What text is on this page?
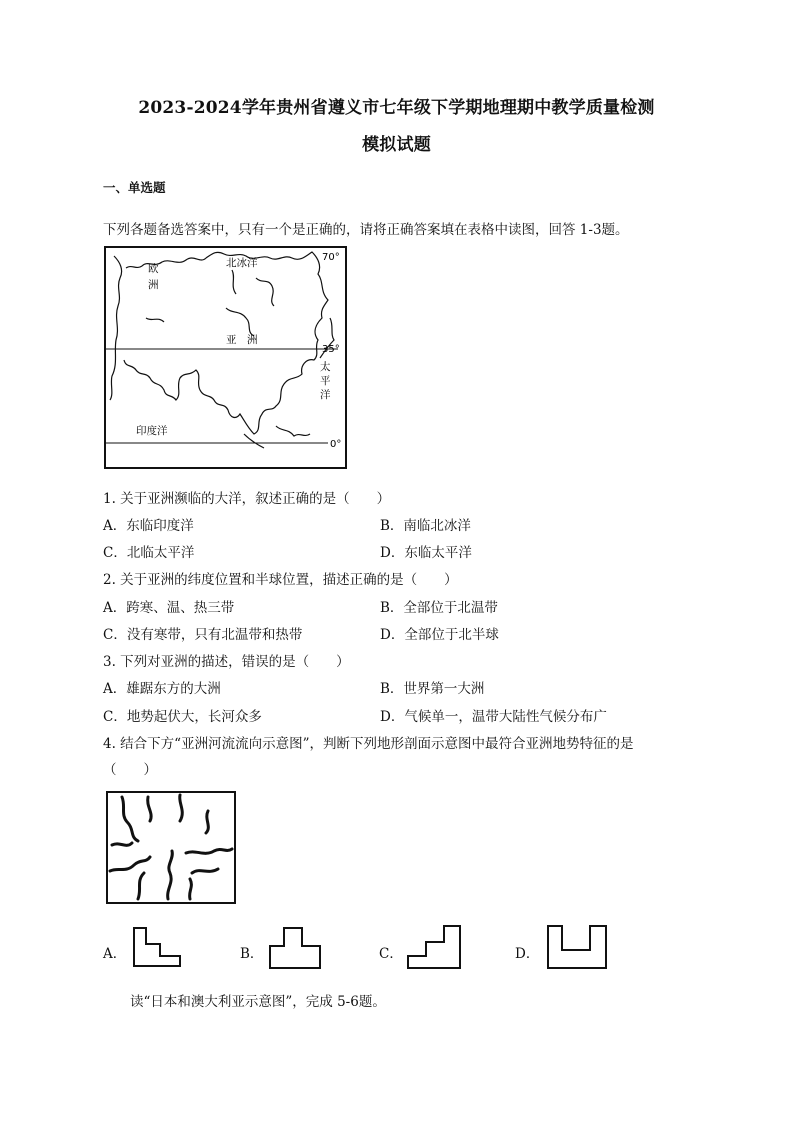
2023-2024学年贵州省遵义市七年级下学期地理期中教学质量检测
模拟试题
一、单选题
下列各题备选答案中，只有一个是正确的，请将正确答案填在表格中读图，回答 1-3题。
欧
洲
北冰洋
亚　洲
太
平
洋
印度洋
70°
35°
0°
1. 关于亚洲濒临的大洋，叙述正确的是（　　）
A．东临印度洋	B．南临北冰洋
C．北临太平洋	D．东临太平洋
2. 关于亚洲的纬度位置和半球位置，描述正确的是（　　）
A．跨寒、温、热三带	B．全部位于北温带
C．没有寒带，只有北温带和热带	D．全部位于北半球
3. 下列对亚洲的描述，错误的是（　　）
A．雄踞东方的大洲	B．世界第一大洲
C．地势起伏大，长河众多	D．气候单一，温带大陆性气候分布广
4. 结合下方“亚洲河流流向示意图”，判断下列地形剖面示意图中最符合亚洲地势特征的是
（　　）
A．	B．	C．	D．
读“日本和澳大利亚示意图”，完成 5-6题。
